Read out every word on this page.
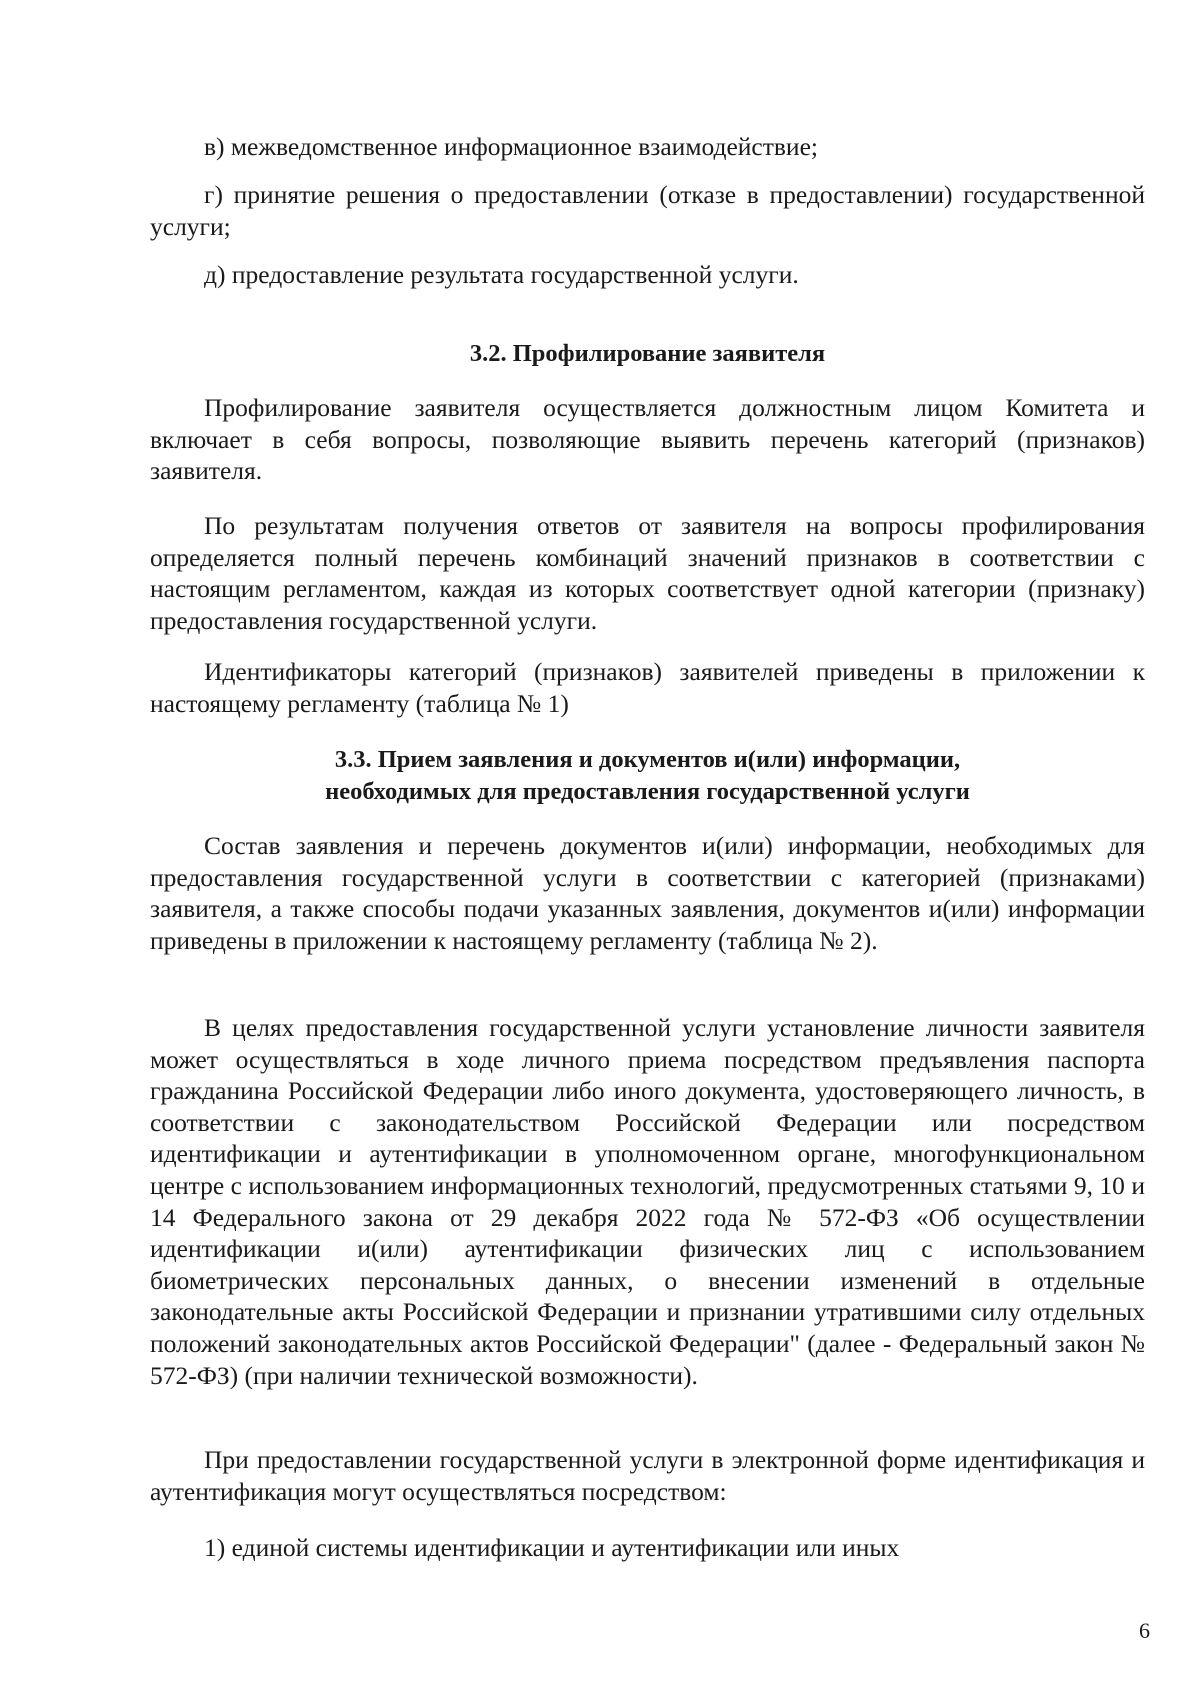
в) межведомственное информационное взаимодействие;

г) принятие решения о предоставлении (отказе в предоставлении) государственной услуги;

д) предоставление результата государственной услуги.

3.2. Профилирование заявителя

Профилирование заявителя осуществляется должностным лицом Комитета и включает в себя вопросы, позволяющие выявить перечень категорий (признаков) заявителя.

По результатам получения ответов от заявителя на вопросы профилирования определяется полный перечень комбинаций значений признаков в соответствии с настоящим регламентом, каждая из которых соответствует одной категории (признаку) предоставления государственной услуги.

Идентификаторы категорий (признаков) заявителей приведены в приложении к настоящему регламенту (таблица № 1)

3.3. Прием заявления и документов и(или) информации,
необходимых для предоставления государственной услуги

Состав заявления и перечень документов и(или) информации, необходимых для предоставления государственной услуги в соответствии с категорией (признаками) заявителя, а также способы подачи указанных заявления, документов и(или) информации приведены в приложении к настоящему регламенту (таблица № 2).

В целях предоставления государственной услуги установление личности заявителя может осуществляться в ходе личного приема посредством предъявления паспорта гражданина Российской Федерации либо иного документа, удостоверяющего личность, в соответствии с законодательством Российской Федерации или посредством идентификации и аутентификации в уполномоченном органе, многофункциональном центре с использованием информационных технологий, предусмотренных статьями 9, 10 и 14 Федерального закона от 29 декабря 2022 года № 572-ФЗ «Об осуществлении идентификации и(или) аутентификации физических лиц с использованием биометрических персональных данных, о внесении изменений в отдельные законодательные акты Российской Федерации и признании утратившими силу отдельных положений законодательных актов Российской Федерации" (далее - Федеральный закон № 572-ФЗ) (при наличии технической возможности).

При предоставлении государственной услуги в электронной форме идентификация и аутентификация могут осуществляться посредством:

1) единой системы идентификации и аутентификации или иных

6
